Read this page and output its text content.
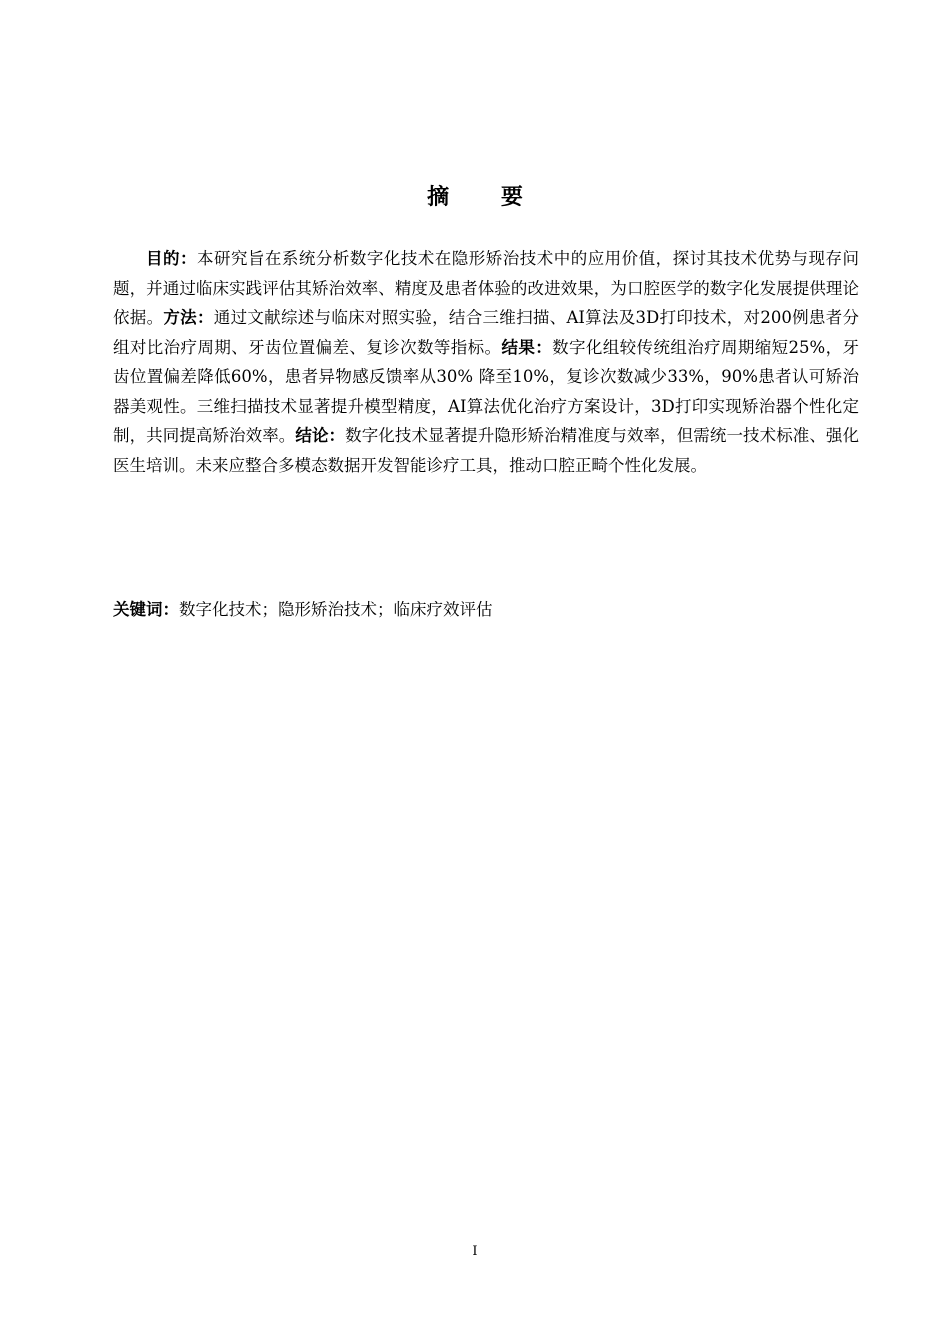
摘 要

目的：本研究旨在系统分析数字化技术在隐形矫治技术中的应用价值，探讨其技术优势与现存问题，并通过临床实践评估其矫治效率、精度及患者体验的改进效果，为口腔医学的数字化发展提供理论依据。方法：通过文献综述与临床对照实验，结合三维扫描、AI算法及3D打印技术，对200例患者分组对比治疗周期、牙齿位置偏差、复诊次数等指标。结果：数字化组较传统组治疗周期缩短25%，牙齿位置偏差降低60%，患者异物感反馈率从30% 降至10%，复诊次数减少33%，90%患者认可矫治器美观性。三维扫描技术显著提升模型精度，AI算法优化治疗方案设计，3D打印实现矫治器个性化定制，共同提高矫治效率。结论：数字化技术显著提升隐形矫治精准度与效率，但需统一技术标准、强化医生培训。未来应整合多模态数据开发智能诊疗工具，推动口腔正畸个性化发展。

关键词：数字化技术；隐形矫治技术；临床疗效评估

I
